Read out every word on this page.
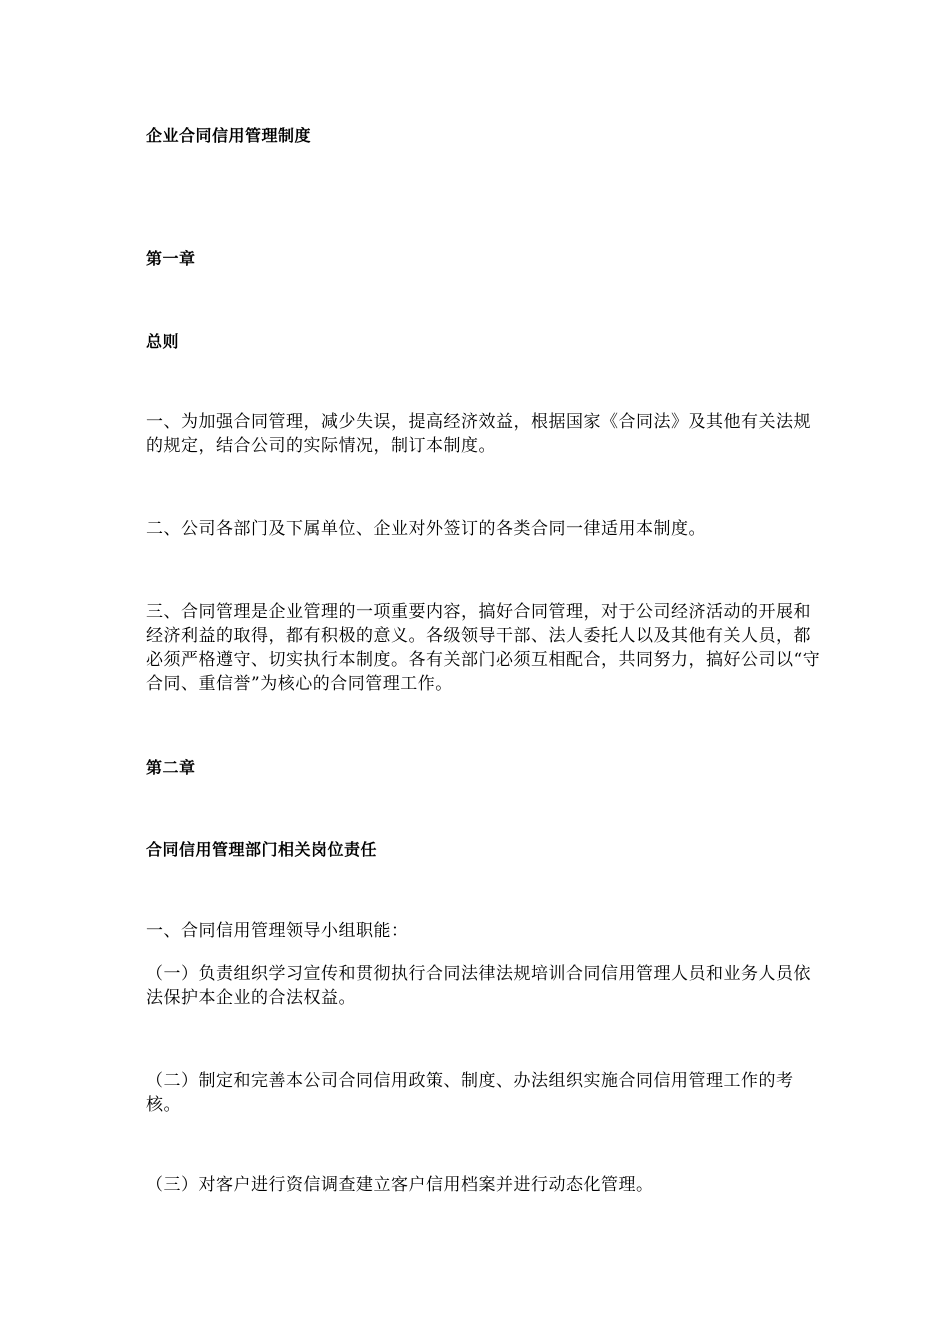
企业合同信用管理制度

第一章

总则

一、为加强合同管理，减少失误，提高经济效益，根据国家《合同法》及其他有关法规的规定，结合公司的实际情况，制订本制度。

二、公司各部门及下属单位、企业对外签订的各类合同一律适用本制度。

三、合同管理是企业管理的一项重要内容，搞好合同管理，对于公司经济活动的开展和经济利益的取得，都有积极的意义。各级领导干部、法人委托人以及其他有关人员，都必须严格遵守、切实执行本制度。各有关部门必须互相配合，共同努力，搞好公司以“守合同、重信誉”为核心的合同管理工作。

第二章

合同信用管理部门相关岗位责任

一、合同信用管理领导小组职能：

（一）负责组织学习宣传和贯彻执行合同法律法规培训合同信用管理人员和业务人员依法保护本企业的合法权益。

（二）制定和完善本公司合同信用政策、制度、办法组织实施合同信用管理工作的考核。

（三）对客户进行资信调查建立客户信用档案并进行动态化管理。
